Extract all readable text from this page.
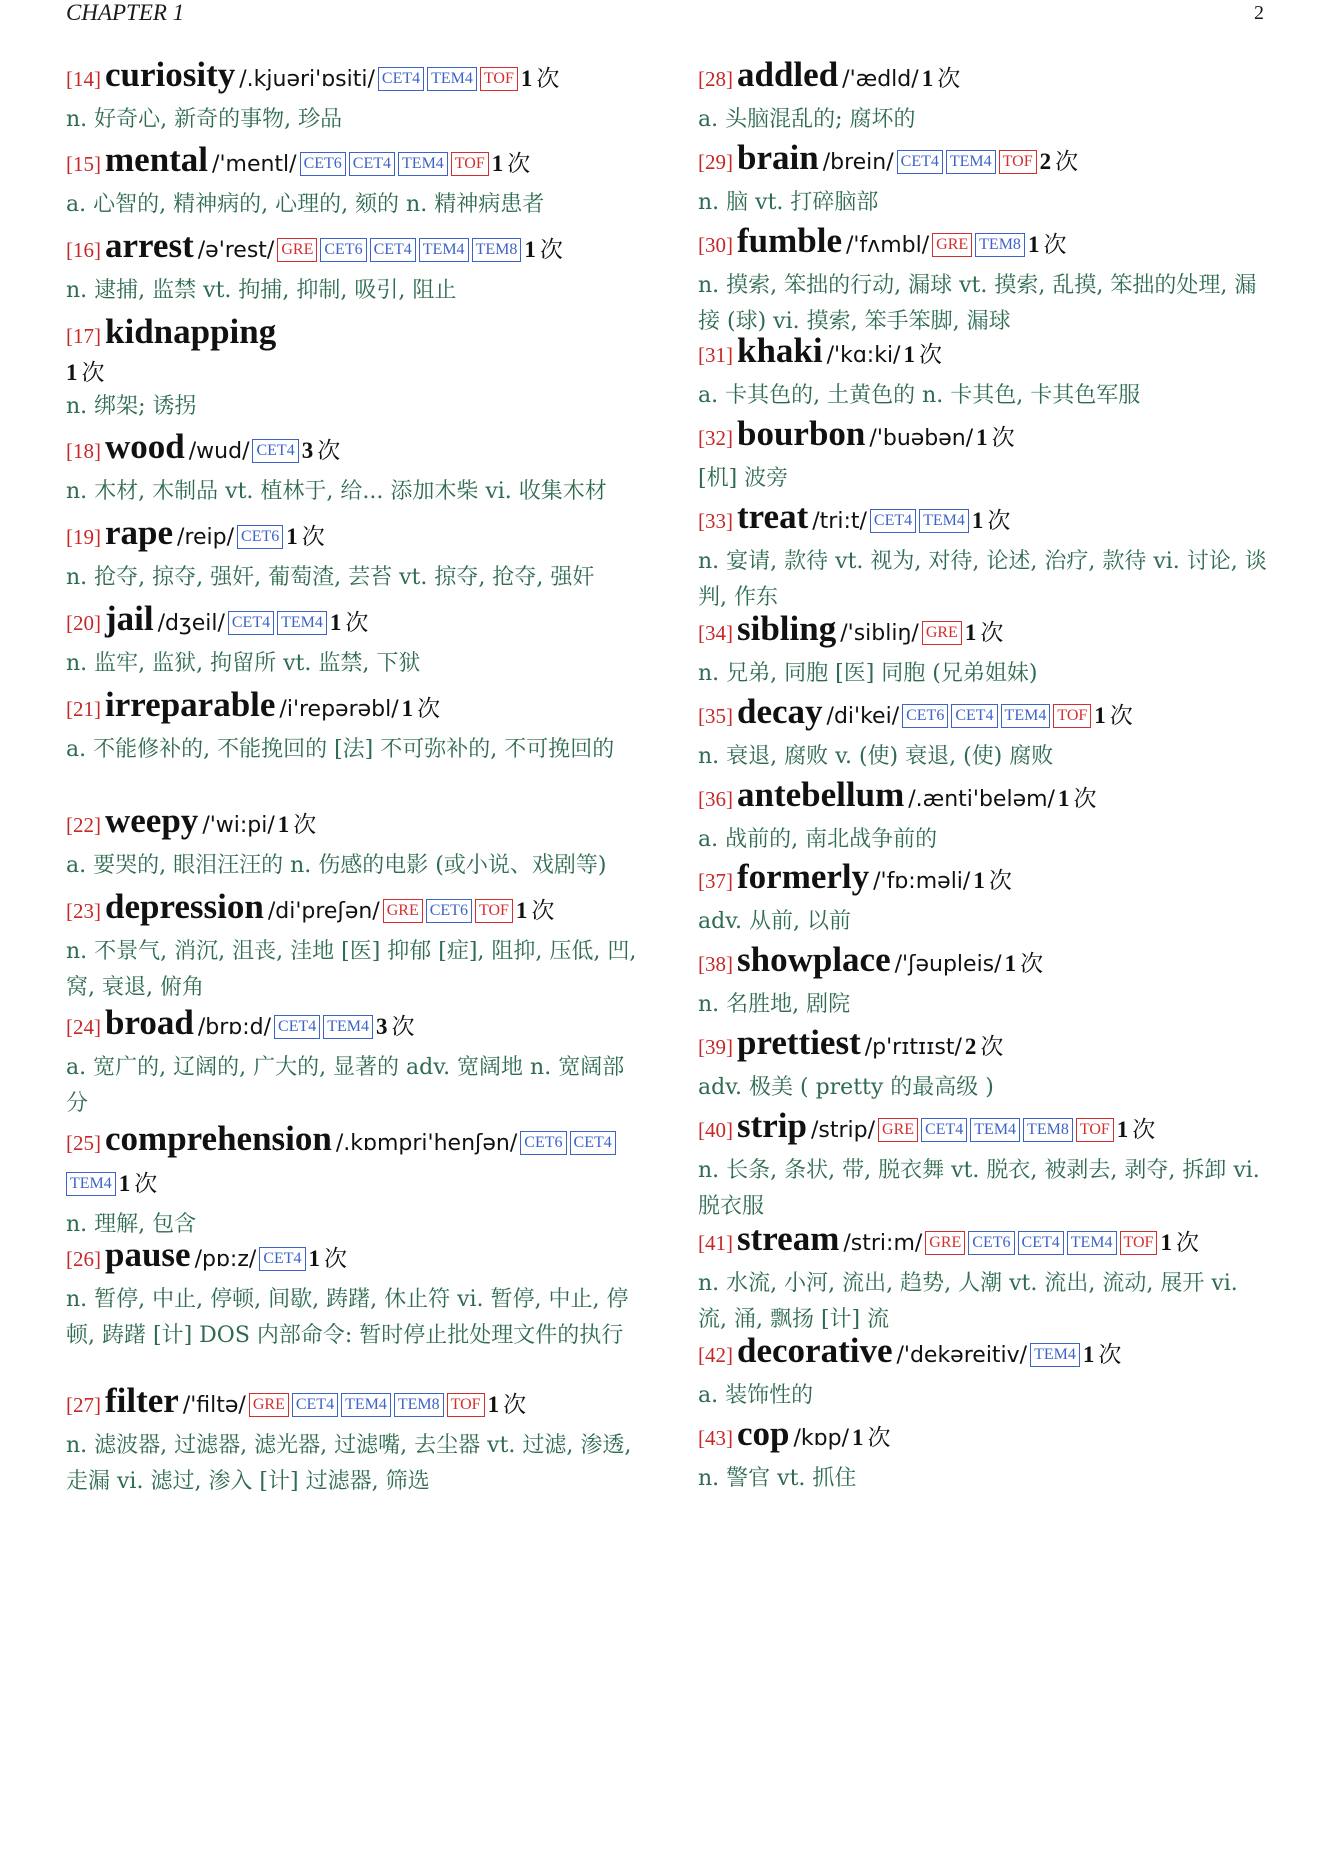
CHAPTER 1	2
[14] curiosity /.kjuəri'ɒsiti/ CET4 TEM4 TOF 1 次
n. 好奇心, 新奇的事物, 珍品
[15] mental /'mentl/ CET6 CET4 TEM4 TOF 1 次
a. 心智的, 精神病的, 心理的, 颏的 n. 精神病患者
[16] arrest /ə'rest/ GRE CET6 CET4 TEM4 TEM8 1 次
n. 逮捕, 监禁 vt. 拘捕, 抑制, 吸引, 阻止
[17] kidnapping
1 次
n. 绑架; 诱拐
[18] wood /wud/ CET4 3 次
n. 木材, 木制品 vt. 植林于, 给... 添加木柴 vi. 收集木材
[19] rape /reip/ CET6 1 次
n. 抢夺, 掠夺, 强奸, 葡萄渣, 芸苔 vt. 掠夺, 抢夺, 强奸
[20] jail /dʒeil/ CET4 TEM4 1 次
n. 监牢, 监狱, 拘留所 vt. 监禁, 下狱
[21] irreparable /i'repərəbl/ 1 次
a. 不能修补的, 不能挽回的 [法] 不可弥补的, 不可挽回的
[22] weepy /'wi:pi/ 1 次
a. 要哭的, 眼泪汪汪的 n. 伤感的电影 (或小说、戏剧等)
[23] depression /di'preʃən/ GRE CET6 TOF 1 次
n. 不景气, 消沉, 沮丧, 洼地 [医] 抑郁 [症], 阻抑, 压低, 凹, 窝, 衰退, 俯角
[24] broad /brɒ:d/ CET4 TEM4 3 次
a. 宽广的, 辽阔的, 广大的, 显著的 adv. 宽阔地 n. 宽阔部分
[25] comprehension /.kɒmpri'henʃən/ CET6 CET4TEM4 1 次
n. 理解, 包含
[26] pause /pɒ:z/ CET4 1 次
n. 暂停, 中止, 停顿, 间歇, 踌躇, 休止符 vi. 暂停, 中止, 停顿, 踌躇 [计] DOS 内部命令: 暂时停止批处理文件的执行
[27] filter /'filtə/ GRE CET4 TEM4 TEM8 TOF 1 次
n. 滤波器, 过滤器, 滤光器, 过滤嘴, 去尘器 vt. 过滤, 渗透, 走漏 vi. 滤过, 渗入 [计] 过滤器, 筛选
[28] addled /'ædld/ 1 次
a. 头脑混乱的; 腐坏的
[29] brain /brein/ CET4 TEM4 TOF 2 次
n. 脑 vt. 打碎脑部
[30] fumble /'fʌmbl/ GRE TEM8 1 次
n. 摸索, 笨拙的行动, 漏球 vt. 摸索, 乱摸, 笨拙的处理, 漏接 (球) vi. 摸索, 笨手笨脚, 漏球
[31] khaki /'kɑ:ki/ 1 次
a. 卡其色的, 土黄色的 n. 卡其色, 卡其色军服
[32] bourbon /'buəbən/ 1 次
[机] 波旁
[33] treat /tri:t/ CET4 TEM4 1 次
n. 宴请, 款待 vt. 视为, 对待, 论述, 治疗, 款待 vi. 讨论, 谈判, 作东
[34] sibling /'sibliŋ/ GRE 1 次
n. 兄弟, 同胞 [医] 同胞 (兄弟姐妹)
[35] decay /di'kei/ CET6 CET4 TEM4 TOF 1 次
n. 衰退, 腐败 v. (使) 衰退, (使) 腐败
[36] antebellum /.ænti'beləm/ 1 次
a. 战前的, 南北战争前的
[37] formerly /'fɒ:məli/ 1 次
adv. 从前, 以前
[38] showplace /'ʃəupleis/ 1 次
n. 名胜地, 剧院
[39] prettiest /p'rɪtɪɪst/ 2 次
adv. 极美 ( pretty 的最高级 )
[40] strip /strip/ GRE CET4 TEM4 TEM8 TOF 1 次
n. 长条, 条状, 带, 脱衣舞 vt. 脱衣, 被剥去, 剥夺, 拆卸 vi. 脱衣服
[41] stream /stri:m/ GRE CET6 CET4 TEM4 TOF 1 次
n. 水流, 小河, 流出, 趋势, 人潮 vt. 流出, 流动, 展开 vi. 流, 涌, 飘扬 [计] 流
[42] decorative /'dekəreitiv/ TEM4 1 次
a. 装饰性的
[43] cop /kɒp/ 1 次
n. 警官 vt. 抓住
